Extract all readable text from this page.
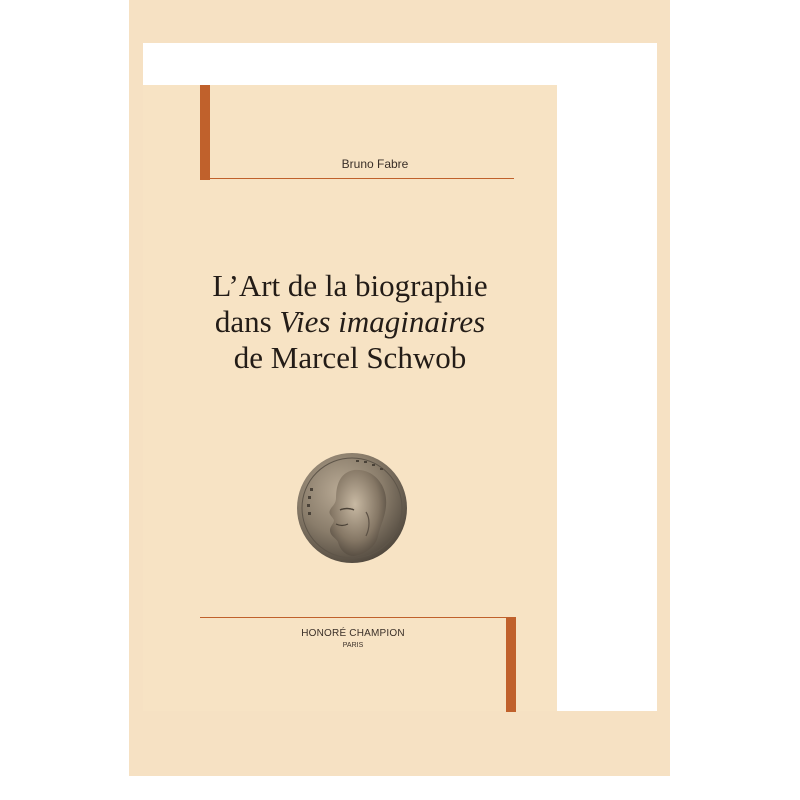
Bruno Fabre
L’Art de la biographie
dans Vies imaginaires
de Marcel Schwob
HONORÉ CHAMPION
PARIS
